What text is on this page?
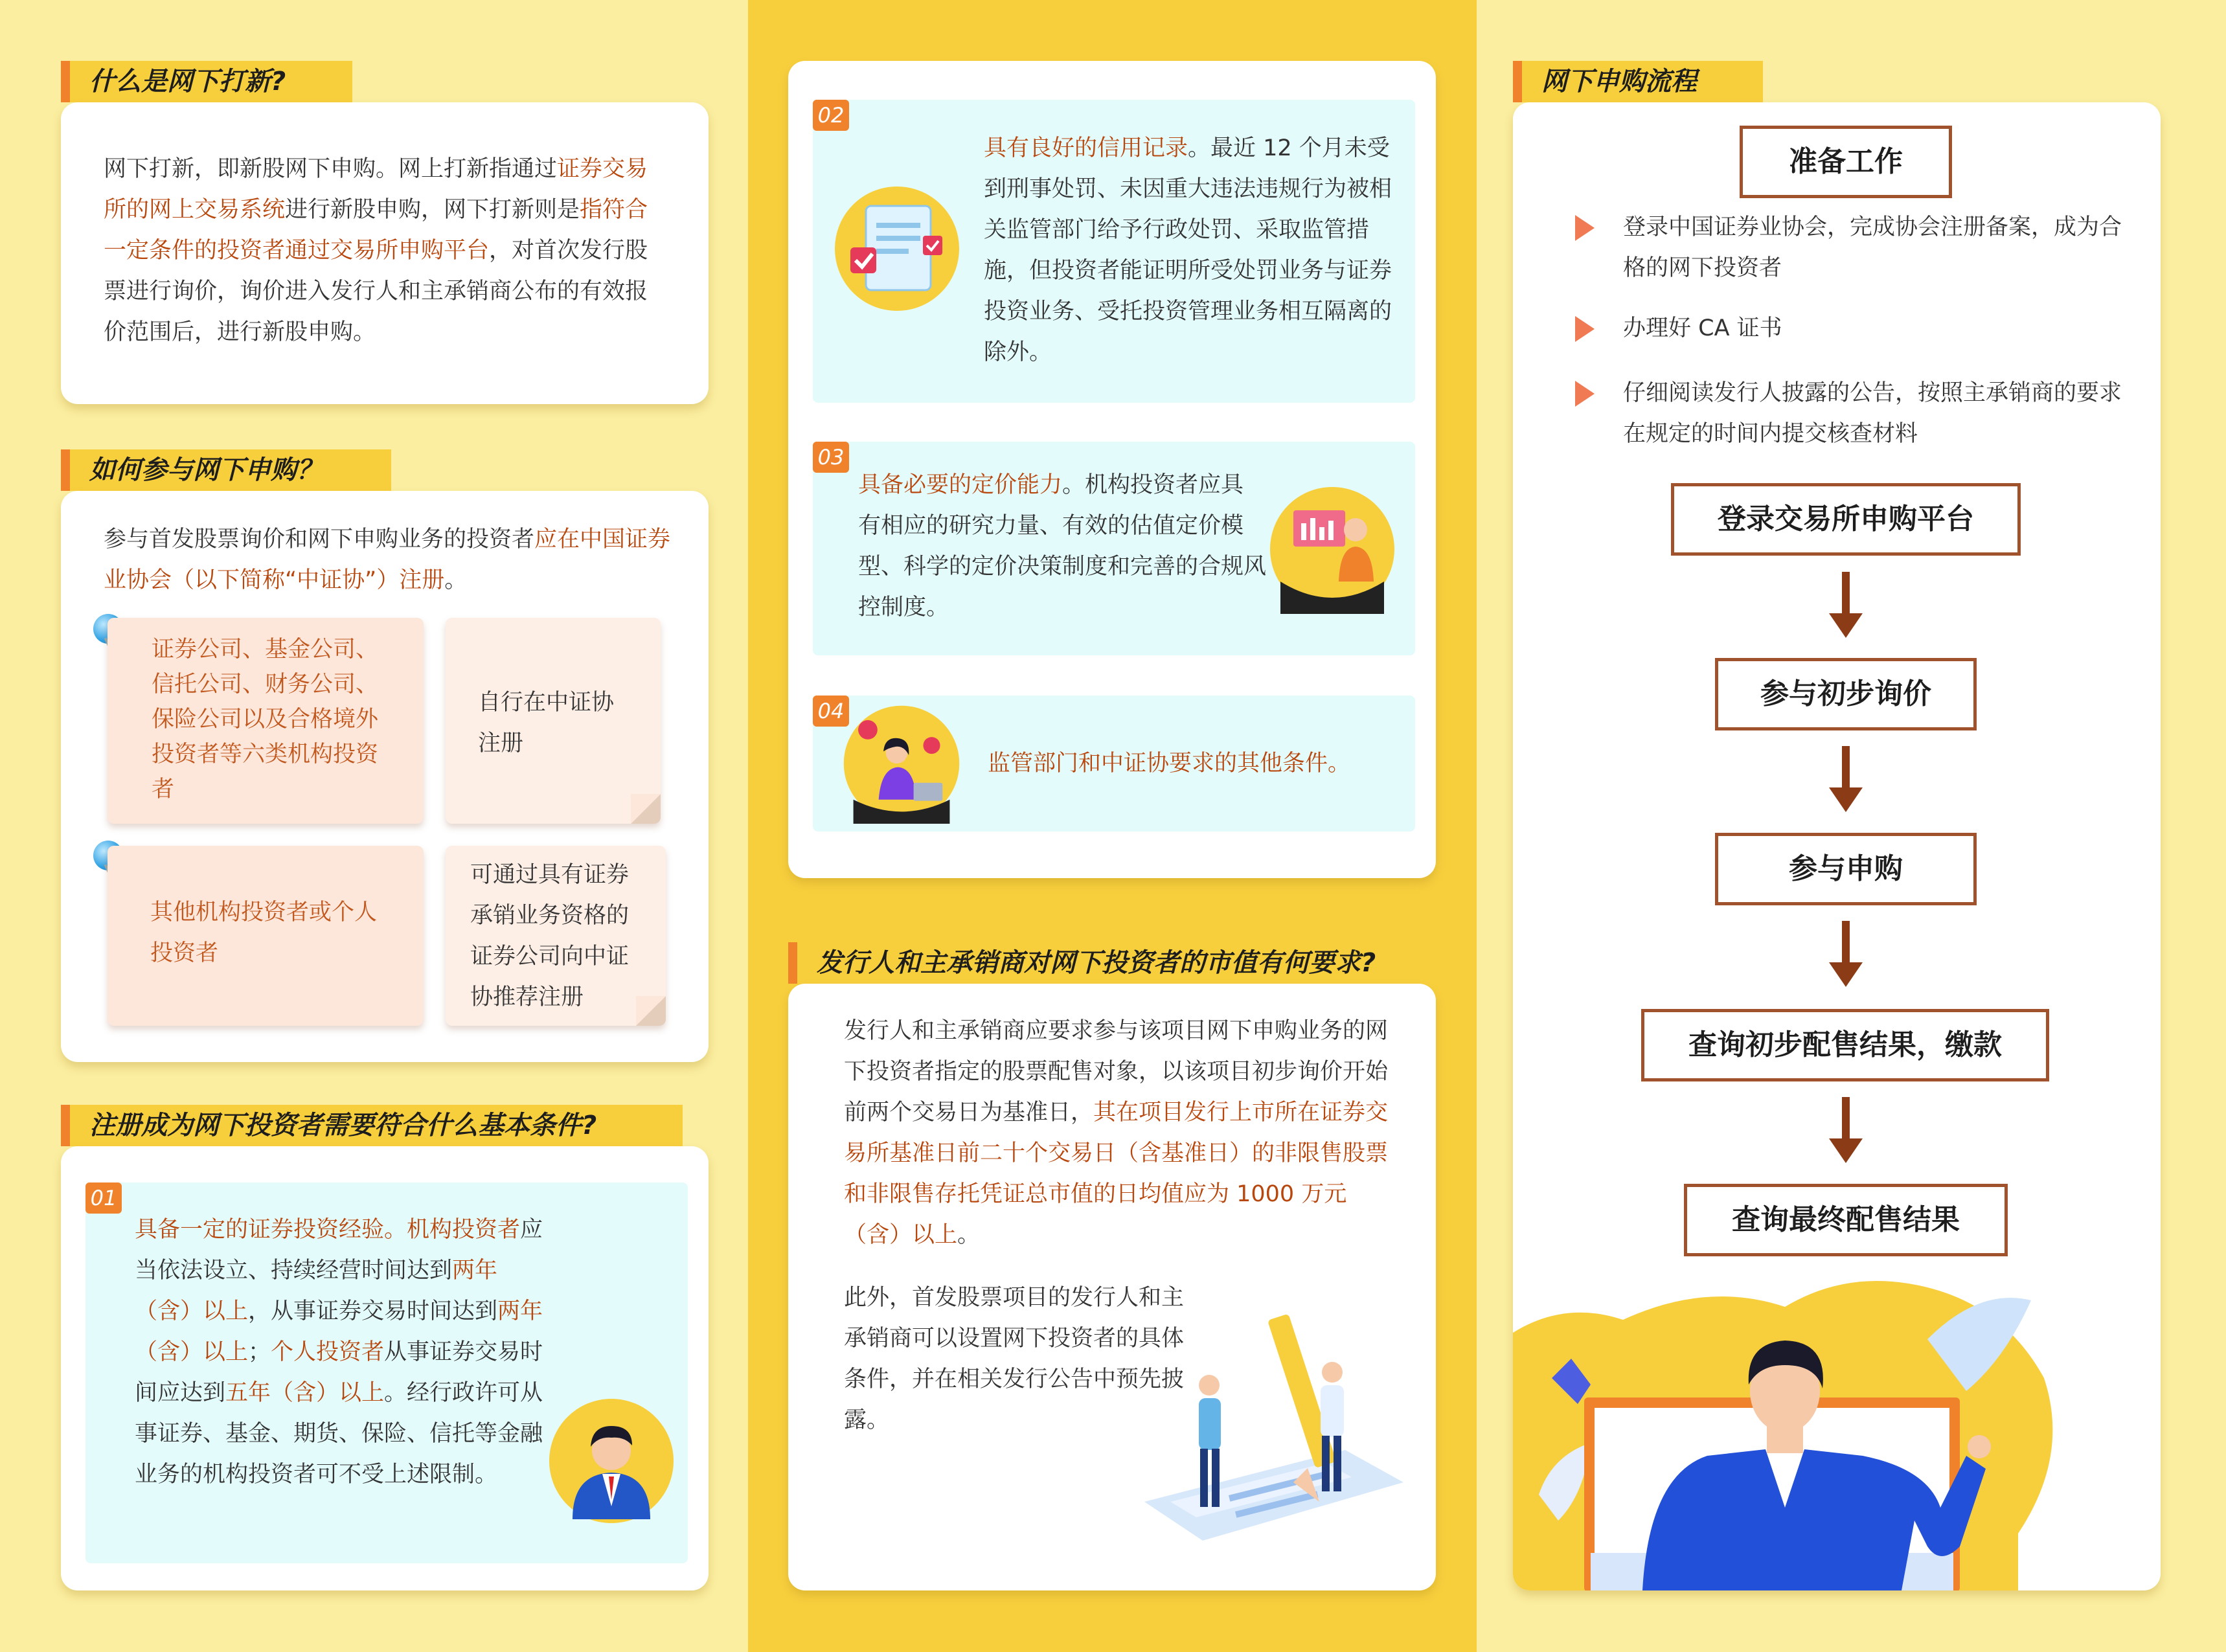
什么是网下打新?

网下打新，即新股网下申购。网上打新指通过证券交易所的网上交易系统进行新股申购，网下打新则是指符合一定条件的投资者通过交易所申购平台，对首次发行股票进行询价，询价进入发行人和主承销商公布的有效报价范围后，进行新股申购。

如何参与网下申购？

参与首发股票询价和网下申购业务的投资者应在中国证券业协会（以下简称“中证协”）注册。

证券公司、基金公司、信托公司、财务公司、保险公司以及合格境外投资者等六类机构投资者
自行在中证协注册
其他机构投资者或个人投资者
可通过具有证券承销业务资格的证券公司向中证协推荐注册
注册成为网下投资者需要符合什么基本条件?
01

具备一定的证券投资经验。机构投资者应当依法设立、持续经营时间达到两年（含）以上，从事证券交易时间达到两年（含）以上；个人投资者从事证券交易时间应达到五年（含）以上。经行政许可从事证券、基金、期货、保险、信托等金融业务的机构投资者可不受上述限制。

02

具有良好的信用记录。最近 12 个月未受到刑事处罚、未因重大违法违规行为被相关监管部门给予行政处罚、采取监管措施，但投资者能证明所受处罚业务与证券投资业务、受托投资管理业务相互隔离的除外。

03

具备必要的定价能力。机构投资者应具有相应的研究力量、有效的估值定价模型、科学的定价决策制度和完善的合规风控制度。

04

监管部门和中证协要求的其他条件。

发行人和主承销商对网下投资者的市值有何要求?

发行人和主承销商应要求参与该项目网下申购业务的网下投资者指定的股票配售对象，以该项目初步询价开始前两个交易日为基准日，其在项目发行上市所在证券交易所基准日前二十个交易日（含基准日）的非限售股票和非限售存托凭证总市值的日均值应为 1000 万元（含）以上。

此外，首发股票项目的发行人和主承销商可以设置网下投资者的具体条件，并在相关发行公告中预先披露。

网下申购流程
准备工作
登录中国证券业协会，完成协会注册备案，成为合格的网下投资者
办理好 CA 证书
仔细阅读发行人披露的公告，按照主承销商的要求在规定的时间内提交核查材料
登录交易所申购平台
参与初步询价
参与申购
查询初步配售结果，缴款
查询最终配售结果
